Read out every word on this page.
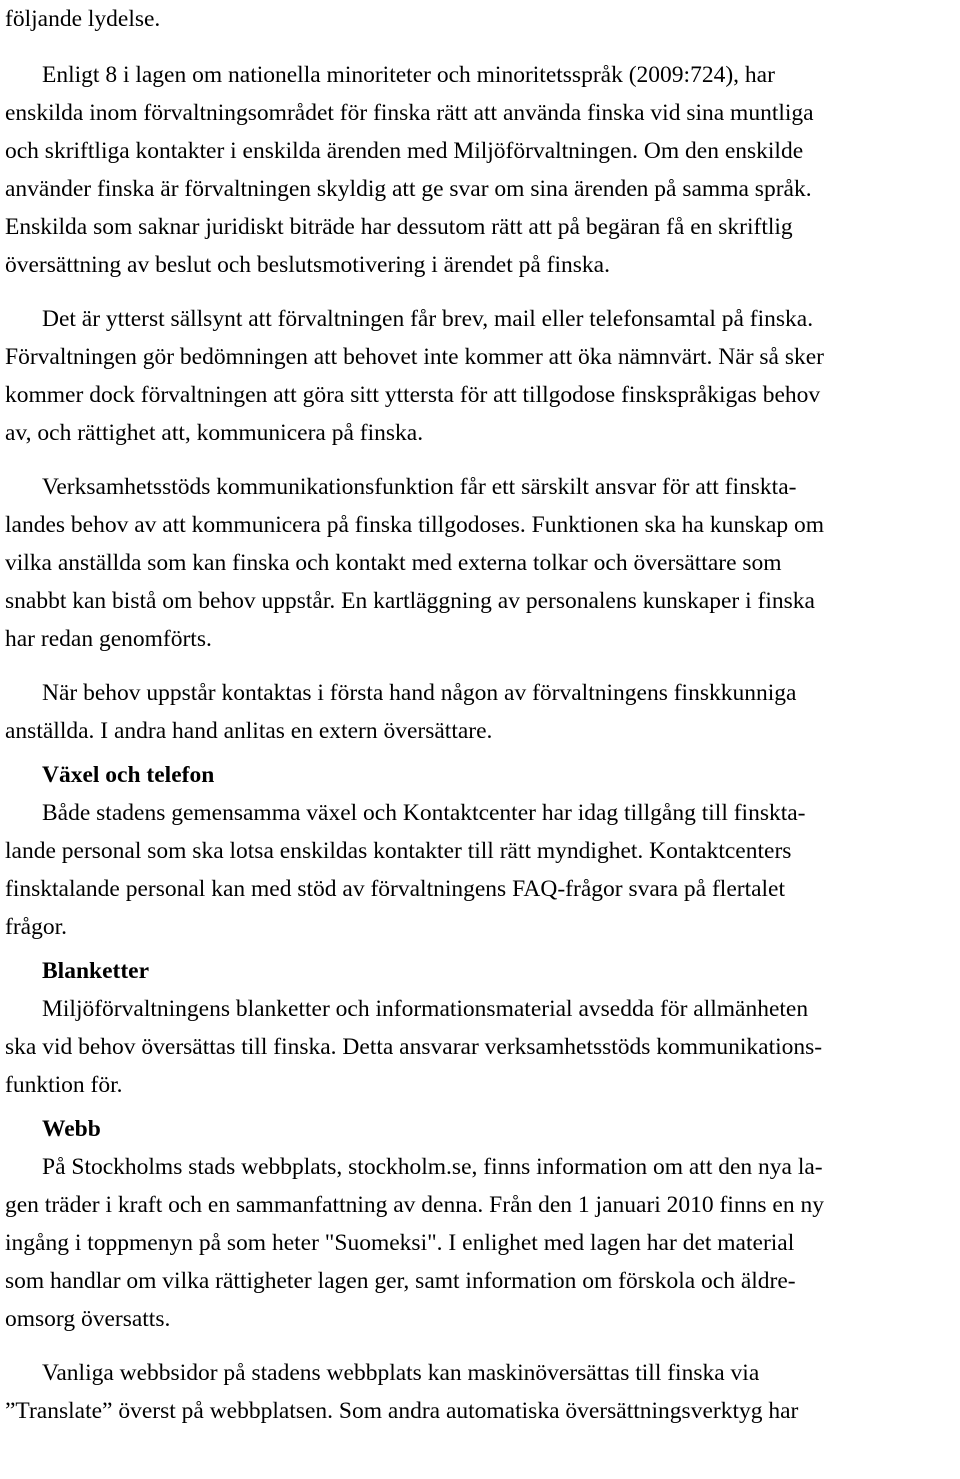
följande lydelse.
Enligt 8 i lagen om nationella minoriteter och minoritetsspråk (2009:724), har
enskilda inom förvaltningsområdet för finska rätt att använda finska vid sina muntliga
och skriftliga kontakter i enskilda ärenden med Miljöförvaltningen. Om den enskilde
använder finska är förvaltningen skyldig att ge svar om sina ärenden på samma språk.
Enskilda som saknar juridiskt biträde har dessutom rätt att på begäran få en skriftlig
översättning av beslut och beslutsmotivering i ärendet på finska.
Det är ytterst sällsynt att förvaltningen får brev, mail eller telefonsamtal på finska.
Förvaltningen gör bedömningen att behovet inte kommer att öka nämnvärt. När så sker
kommer dock förvaltningen att göra sitt yttersta för att tillgodose finskspråkigas behov
av, och rättighet att, kommunicera på finska.
Verksamhetsstöds kommunikationsfunktion får ett särskilt ansvar för att finskta-
landes behov av att kommunicera på finska tillgodoses. Funktionen ska ha kunskap om
vilka anställda som kan finska och kontakt med externa tolkar och översättare som
snabbt kan bistå om behov uppstår. En kartläggning av personalens kunskaper i finska
har redan genomförts.
När behov uppstår kontaktas i första hand någon av förvaltningens finskkunniga
anställda. I andra hand anlitas en extern översättare.
Växel och telefon
Både stadens gemensamma växel och Kontaktcenter har idag tillgång till finskta-
lande personal som ska lotsa enskildas kontakter till rätt myndighet. Kontaktcenters
finsktalande personal kan med stöd av förvaltningens FAQ-frågor svara på flertalet
frågor.
Blanketter
Miljöförvaltningens blanketter och informationsmaterial avsedda för allmänheten
ska vid behov översättas till finska. Detta ansvarar verksamhetsstöds kommunikations-
funktion för.
Webb
På Stockholms stads webbplats, stockholm.se, finns information om att den nya la-
gen träder i kraft och en sammanfattning av denna. Från den 1 januari 2010 finns en ny
ingång i toppmenyn på som heter "Suomeksi". I enlighet med lagen har det material
som handlar om vilka rättigheter lagen ger, samt information om förskola och äldre-
omsorg översatts.
Vanliga webbsidor på stadens webbplats kan maskinöversättas till finska via
”Translate” överst på webbplatsen. Som andra automatiska översättningsverktyg har
